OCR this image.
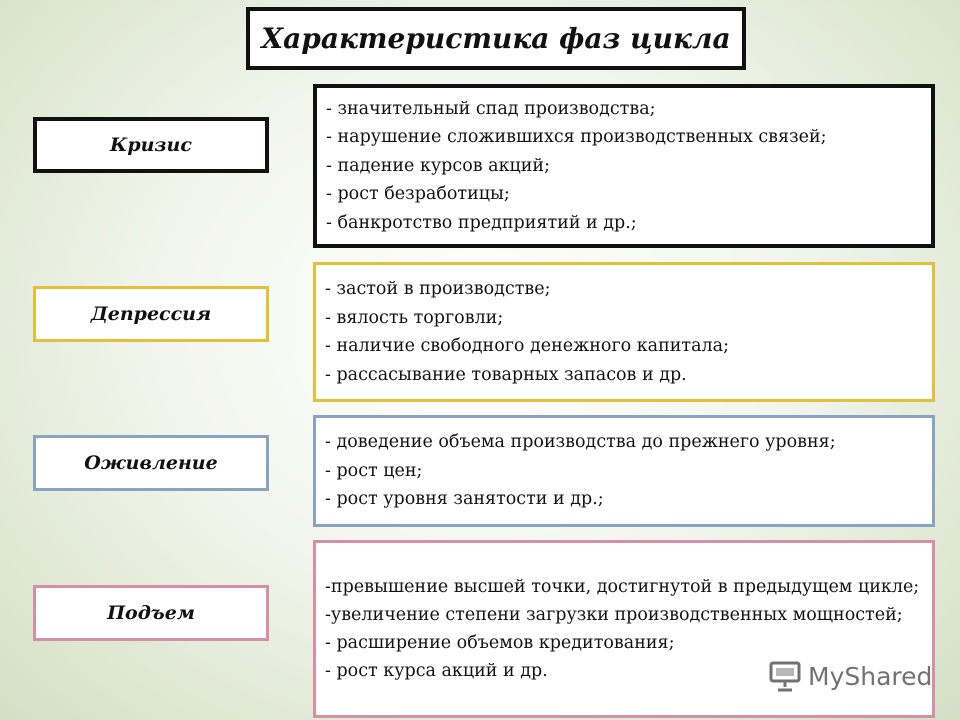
Характеристика фаз цикла
Кризис
- значительный спад производства;
- нарушение сложившихся производственных связей;
- падение курсов акций;
- рост безработицы;
- банкротство предприятий и др.;
Депрессия
- застой в производстве;
- вялость торговли;
- наличие свободного денежного капитала;
- рассасывание товарных запасов и др.
Оживление
- доведение объема производства до прежнего уровня;
- рост цен;
- рост уровня занятости и др.;
Подъем
-превышение высшей точки, достигнутой в предыдущем цикле;
-увеличение степени загрузки производственных мощностей;
- расширение объемов кредитования;
- рост курса акций и др.	MyShared
